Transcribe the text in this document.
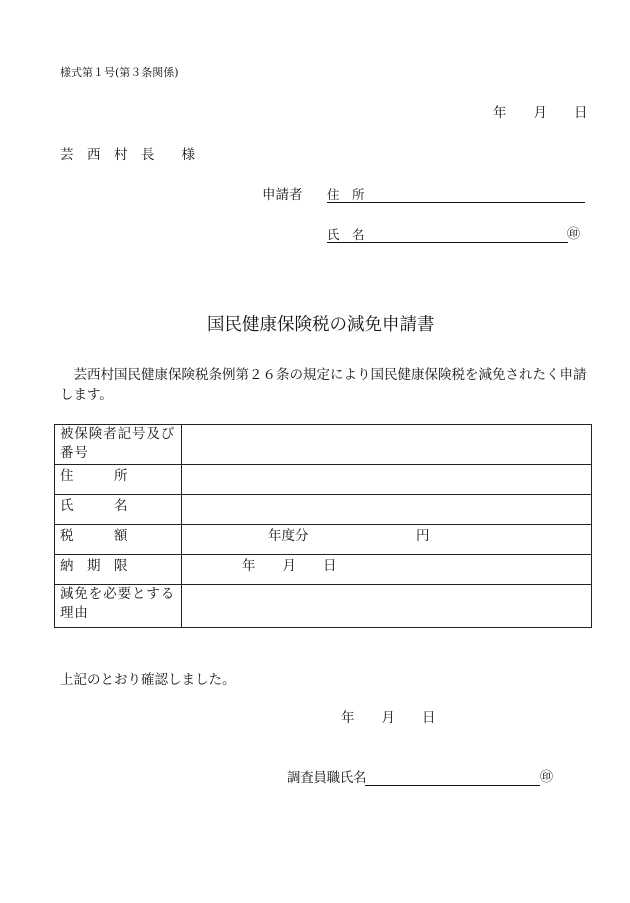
様式第１号(第３条関係)
年　　月　　日
芸　西　村　長　　様
申請者 住　所
氏　名	㊞
国民健康保険税の減免申請書
芸西村国民健康保険税条例第２６条の規定により国民健康保険税を減免されたく申請します。
被保険者記号及び番号
住　　　所
氏　　　名
税　　　額	年度分	円
納　期　限	年　　月　　日
減免を必要とする理由
上記のとおり確認しました。
年　　月　　日
調査員職氏名	㊞
